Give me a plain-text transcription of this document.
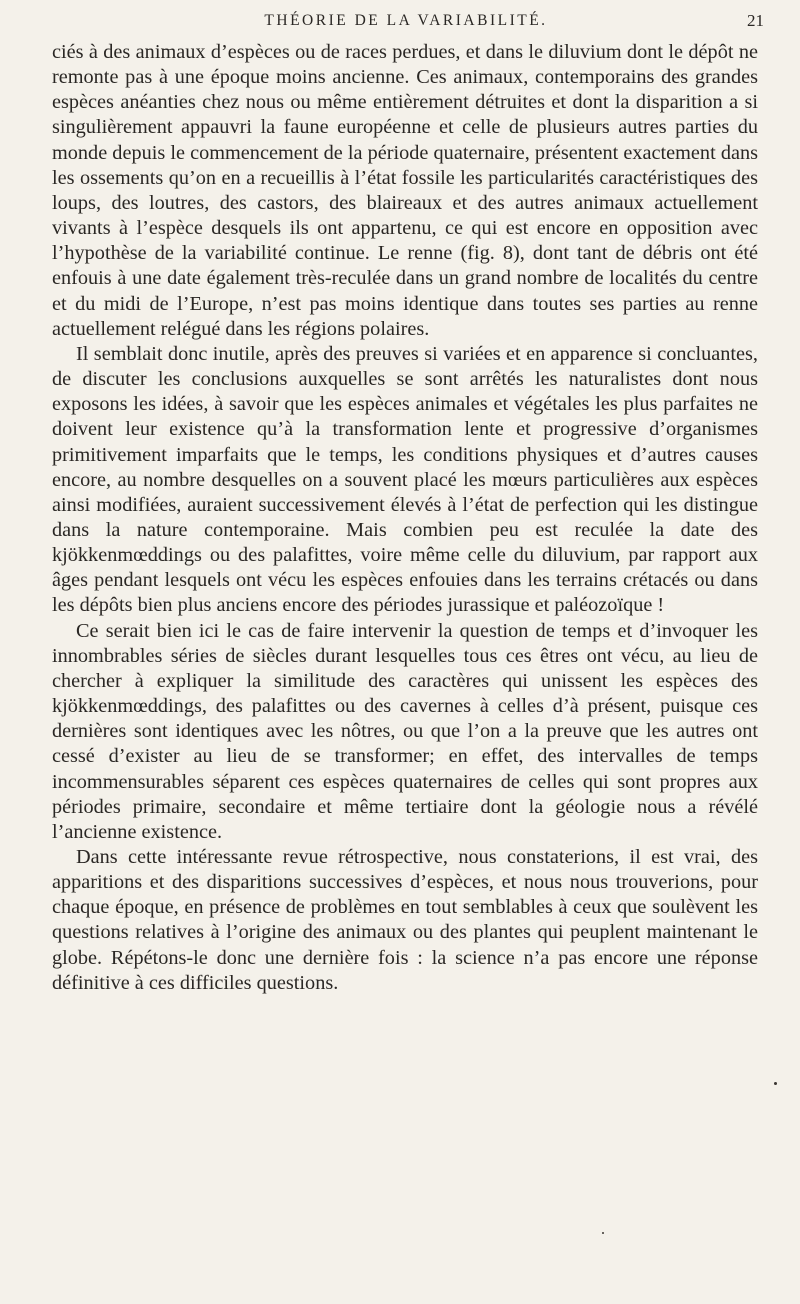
THÉORIE DE LA VARIABILITÉ.	21

ciés à des animaux d’espèces ou de races perdues, et dans le diluvium dont le dépôt ne remonte pas à une époque moins ancienne. Ces animaux, contemporains des grandes espèces anéanties chez nous ou même entièrement détruites et dont la disparition a si singulièrement appauvri la faune européenne et celle de plusieurs autres parties du monde depuis le commencement de la période quaternaire, présentent exactement dans les ossements qu’on en a recueillis à l’état fossile les particularités caractéristiques des loups, des loutres, des castors, des blaireaux et des autres animaux actuellement vivants à l’espèce desquels ils ont appartenu, ce qui est encore en opposition avec l’hypothèse de la variabilité continue. Le renne (fig. 8), dont tant de débris ont été enfouis à une date également très-reculée dans un grand nombre de localités du centre et du midi de l’Europe, n’est pas moins identique dans toutes ses parties au renne actuellement relégué dans les régions polaires.

Il semblait donc inutile, après des preuves si variées et en apparence si concluantes, de discuter les conclusions auxquelles se sont arrêtés les naturalistes dont nous exposons les idées, à savoir que les espèces animales et végétales les plus parfaites ne doivent leur existence qu’à la transformation lente et progressive d’organismes primitivement imparfaits que le temps, les conditions physiques et d’autres causes encore, au nombre desquelles on a souvent placé les mœurs particulières aux espèces ainsi modifiées, auraient successivement élevés à l’état de perfection qui les distingue dans la nature contemporaine. Mais combien peu est reculée la date des kjökkenmœddings ou des palafittes, voire même celle du diluvium, par rapport aux âges pendant lesquels ont vécu les espèces enfouies dans les terrains crétacés ou dans les dépôts bien plus anciens encore des périodes jurassique et paléozoïque !

Ce serait bien ici le cas de faire intervenir la question de temps et d’invoquer les innombrables séries de siècles durant lesquelles tous ces êtres ont vécu, au lieu de chercher à expliquer la similitude des caractères qui unissent les espèces des kjökkenmœddings, des palafittes ou des cavernes à celles d’à présent, puisque ces dernières sont identiques avec les nôtres, ou que l’on a la preuve que les autres ont cessé d’exister au lieu de se transformer; en effet, des intervalles de temps incommensurables séparent ces espèces quaternaires de celles qui sont propres aux périodes primaire, secondaire et même tertiaire dont la géologie nous a révélé l’ancienne existence.

Dans cette intéressante revue rétrospective, nous constaterions, il est vrai, des apparitions et des disparitions successives d’espèces, et nous nous trouverions, pour chaque époque, en présence de problèmes en tout semblables à ceux que soulèvent les questions relatives à l’origine des animaux ou des plantes qui peuplent maintenant le globe. Répétons-le donc une dernière fois : la science n’a pas encore une réponse définitive à ces difficiles questions.
